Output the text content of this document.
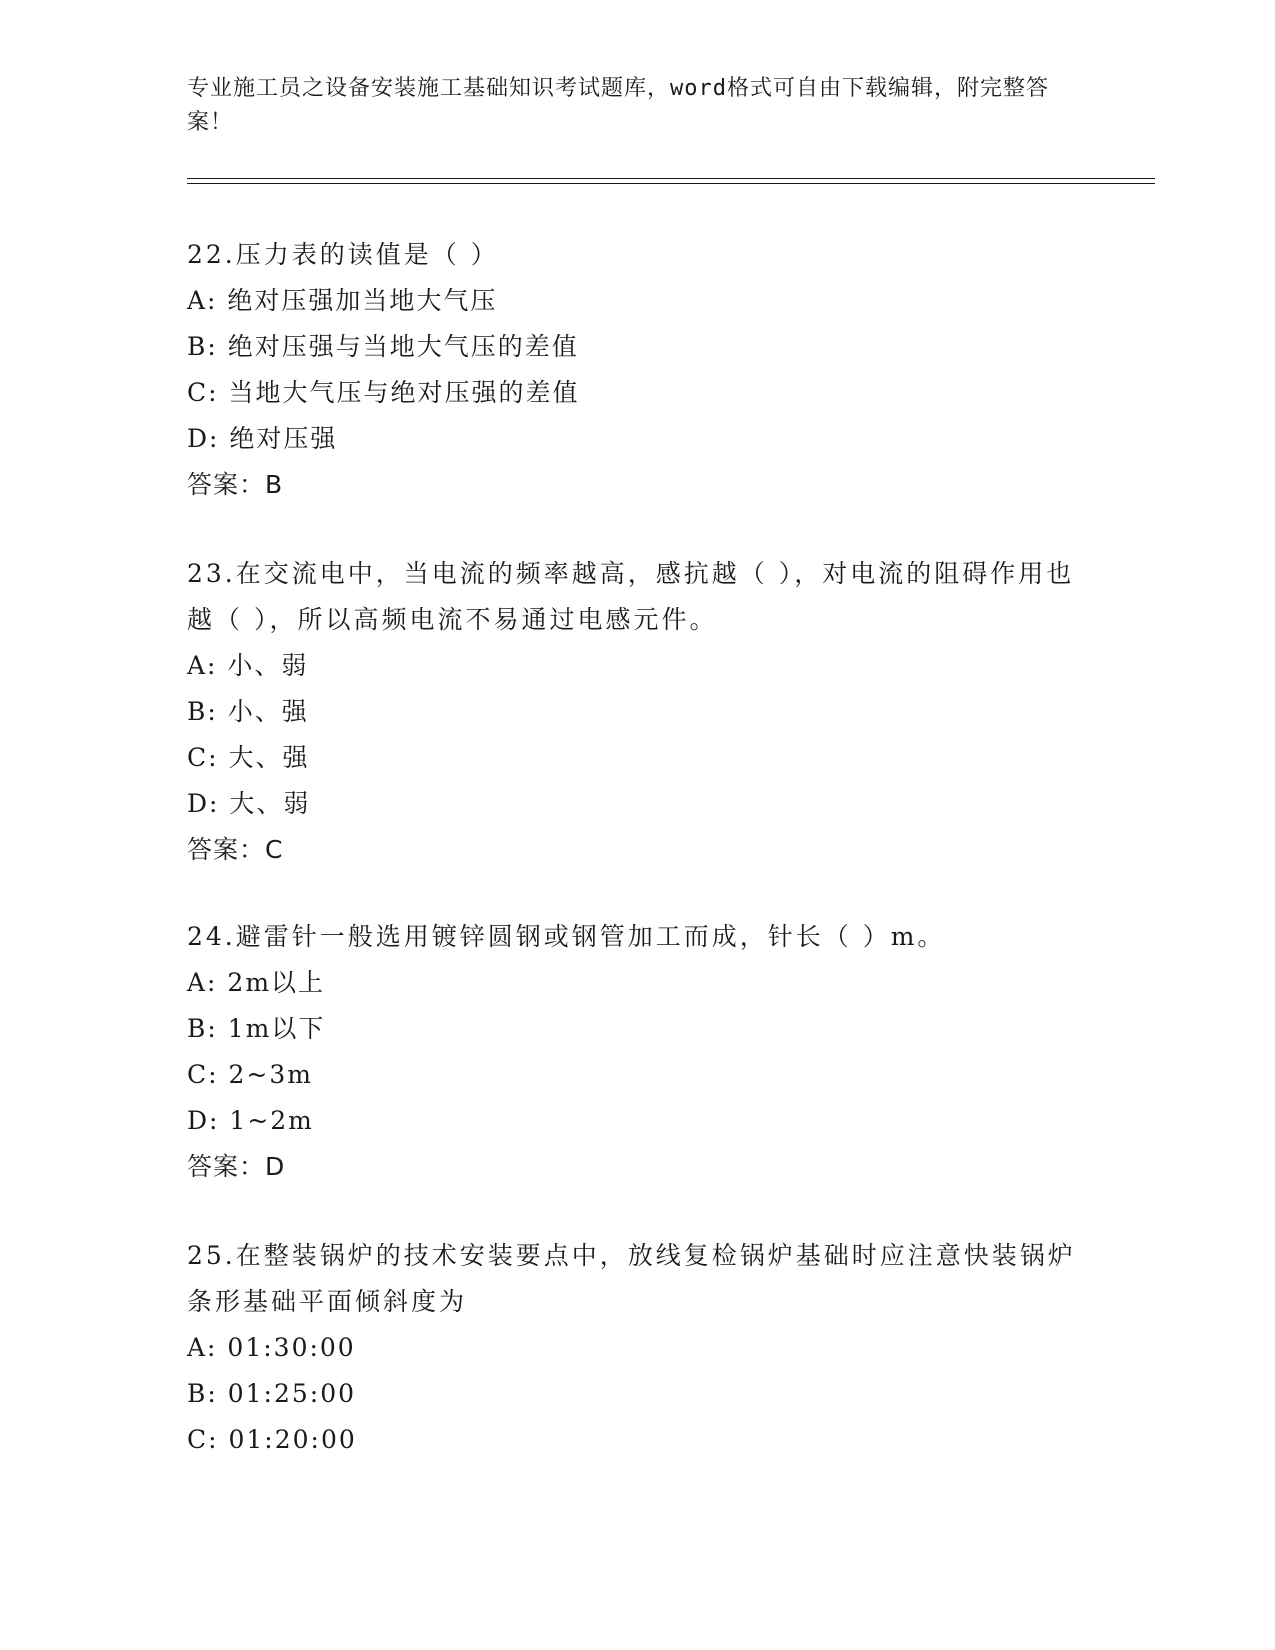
专业施工员之设备安装施工基础知识考试题库，word格式可自由下载编辑，附完整答案！

22.压力表的读值是（ ）

A: 绝对压强加当地大气压

B: 绝对压强与当地大气压的差值

C: 当地大气压与绝对压强的差值

D: 绝对压强

答案：B

23.在交流电中，当电流的频率越高，感抗越（ ），对电流的阻碍作用也越（ ），所以高频电流不易通过电感元件。

A: 小、弱

B: 小、强

C: 大、强

D: 大、弱

答案：C

24.避雷针一般选用镀锌圆钢或钢管加工而成，针长（ ）m。

A: 2m以上

B: 1m以下

C: 2~3m

D: 1~2m

答案：D

25.在整装锅炉的技术安装要点中，放线复检锅炉基础时应注意快装锅炉条形基础平面倾斜度为

A: 01:30:00

B: 01:25:00

C: 01:20:00
